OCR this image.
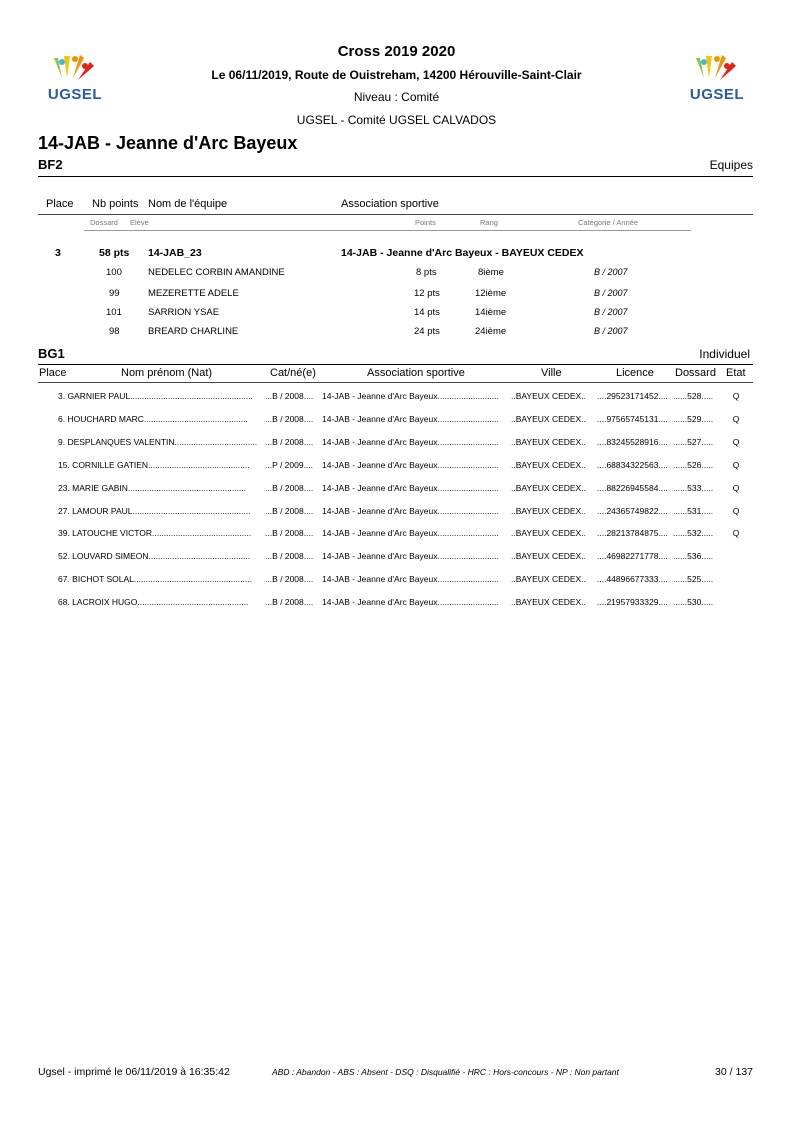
UGSEL	UGSEL
Cross 2019 2020
Le 06/11/2019, Route de Ouistreham, 14200 Hérouville-Saint-Clair
Niveau : Comité
UGSEL - Comité UGSEL CALVADOS
14-JAB - Jeanne d'Arc Bayeux
BF2	Equipes
Place Nb points Nom de l'équipe	Association sportive
Dossard Elève	Points	Rang	Catégorie / Année
3	58 pts 14-JAB_23	14-JAB - Jeanne d'Arc Bayeux - BAYEUX CEDEX
100	NEDELEC CORBIN AMANDINE	8 pts	8ième	B / 2007
99	MEZERETTE ADELE	12 pts	12ième	B / 2007
101	SARRION YSAE	14 pts	14ième	B / 2007
98	BREARD CHARLINE	24 pts	24ième	B / 2007
BG1	Individuel
Place	Nom prénom (Nat)	Cat/né(e)	Association sportive	Ville	Licence Dossard Etat
3. GARNIER PAUL....................................................	...B / 2008....	14-JAB - Jeanne d'Arc Bayeux..........................	..BAYEUX CEDEX..	....29523171452.... ......528.....	Q
6. HOUCHARD MARC............................................	...B / 2008....	14-JAB - Jeanne d'Arc Bayeux..........................	..BAYEUX CEDEX..	....97565745131.... ......529.....	Q
9. DESPLANQUES VALENTIN................................... ...B / 2008....	14-JAB - Jeanne d'Arc Bayeux..........................	..BAYEUX CEDEX..	....83245528916.... ......527.....	Q
15. CORNILLE GATIEN...........................................	...P / 2009....	14-JAB - Jeanne d'Arc Bayeux..........................	..BAYEUX CEDEX..	....68834322563.... ......526.....	Q
23. MARIE GABIN..................................................	...B / 2008....	14-JAB - Jeanne d'Arc Bayeux..........................	..BAYEUX CEDEX..	....88226945584.... ......533.....	Q
27. LAMOUR PAUL..................................................	...B / 2008....	14-JAB - Jeanne d'Arc Bayeux..........................	..BAYEUX CEDEX..	....24365749822.... ......531.....	Q
39. LATOUCHE VICTOR..........................................	...B / 2008....	14-JAB - Jeanne d'Arc Bayeux..........................	..BAYEUX CEDEX..	....28213784875.... ......532.....	Q
52. LOUVARD SIMEON...........................................	...B / 2008....	14-JAB - Jeanne d'Arc Bayeux..........................	..BAYEUX CEDEX..	....46982271778.... ......536.....
67. BICHOT SOLAL..................................................	...B / 2008....	14-JAB - Jeanne d'Arc Bayeux..........................	..BAYEUX CEDEX..	....44896677333.... ......525.....
68. LACROIX HUGO...............................................	...B / 2008....	14-JAB - Jeanne d'Arc Bayeux..........................	..BAYEUX CEDEX..	....21957933329.... ......530.....
Ugsel - imprimé le 06/11/2019 à 16:35:42	ABD : Abandon - ABS : Absent - DSQ : Disqualifié - HRC : Hors-concours - NP : Non partant	30 / 137
